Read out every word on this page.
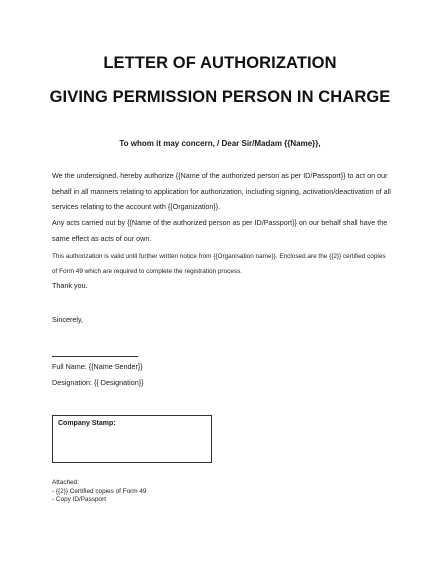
LETTER OF AUTHORIZATION
GIVING PERMISSION PERSON IN CHARGE
To whom it may concern, / Dear Sir/Madam {{Name}},
We the undersigned, hereby authorize {{Name of the authorized person as per ID/Passport}} to act on our behalf in all manners relating to application for authorization, including signing, activation/deactivation of all services relating to the account with {{Organization}}.
Any acts carried out by {{Name of the authorized person as per ID/Passport}} on our behalf shall have the same effect as acts of our own.
This authorization is valid until further written notice from {{Organisation name}}. Enclosed are the {{2}} certified copies of Form 49 which are required to complete the registration process.
Thank you.
Sincerely,
Full Name: {{Name Sender}}
Designation: {{ Designation}}
Company Stamp:
Attached:
- {{2}} Certified copies of Form 49
- Copy ID/Passport
